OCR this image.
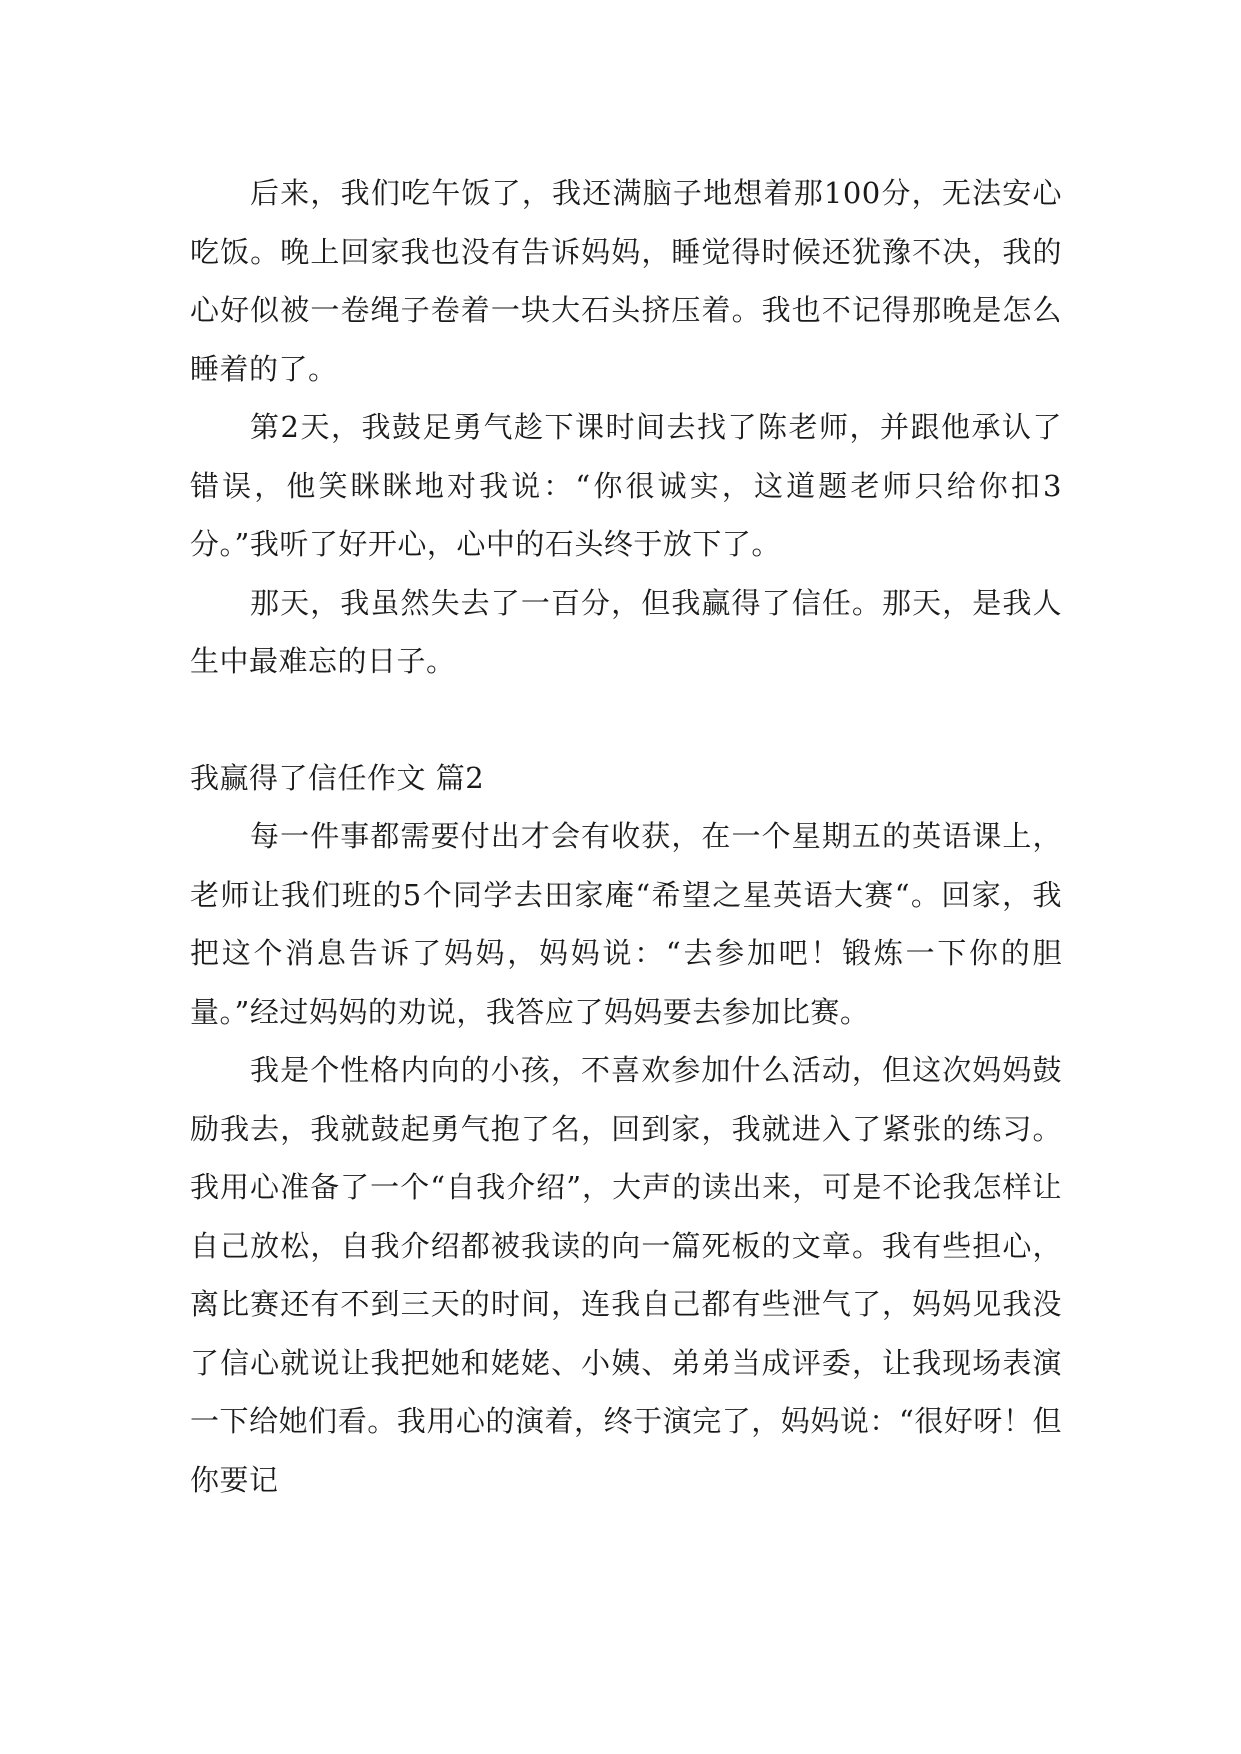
后来，我们吃午饭了，我还满脑子地想着那100分，无法安心吃饭。晚上回家我也没有告诉妈妈，睡觉得时候还犹豫不决，我的心好似被一卷绳子卷着一块大石头挤压着。我也不记得那晚是怎么睡着的了。

第2天，我鼓足勇气趁下课时间去找了陈老师，并跟他承认了错误，他笑眯眯地对我说：“你很诚实，这道题老师只给你扣3分。”我听了好开心，心中的石头终于放下了。

那天，我虽然失去了一百分，但我赢得了信任。那天，是我人生中最难忘的日子。

我赢得了信任作文 篇2

每一件事都需要付出才会有收获，在一个星期五的英语课上，老师让我们班的5个同学去田家庵“希望之星英语大赛“。回家，我把这个消息告诉了妈妈，妈妈说：“去参加吧！锻炼一下你的胆量。”经过妈妈的劝说，我答应了妈妈要去参加比赛。

我是个性格内向的小孩，不喜欢参加什么活动，但这次妈妈鼓励我去，我就鼓起勇气抱了名，回到家，我就进入了紧张的练习。我用心准备了一个“自我介绍”，大声的读出来，可是不论我怎样让自己放松，自我介绍都被我读的向一篇死板的文章。我有些担心，离比赛还有不到三天的时间，连我自己都有些泄气了，妈妈见我没了信心就说让我把她和姥姥、小姨、弟弟当成评委，让我现场表演一下给她们看。我用心的演着，终于演完了，妈妈说：“很好呀！但你要记
